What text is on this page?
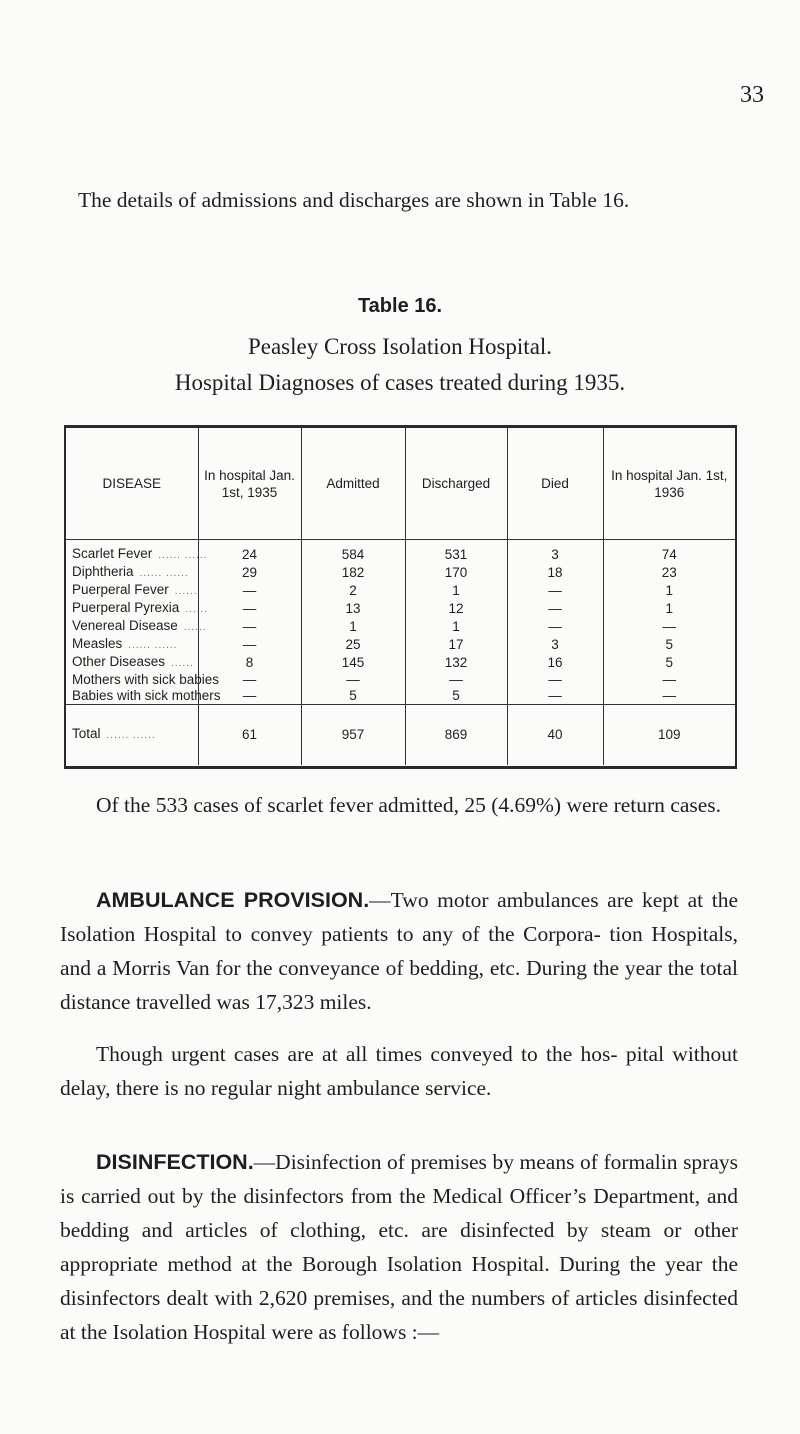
33

The details of admissions and discharges are shown in Table 16.

Table 16.
Peasley Cross Isolation Hospital.
Hospital Diagnoses of cases treated during 1935.
DISEASE	In hospital Jan. 1st, 1935	Admitted	Discharged	Died	In hospital Jan. 1st, 1936
Scarlet Fever ...... ......	24	584	531	3	74
Diphtheria ...... ......	29	182	170	18	23
Puerperal Fever ......	—	2	1	—	1
Puerperal Pyrexia ......	—	13	12	—	1
Venereal Disease ......	—	1	1	—	—
Measles ...... ......	—	25	17	3	5
Other Diseases ......	8	145	132	16	5
Mothers with sick babies	—	—	—	—	—
Babies with sick mothers	—	5	5	—	—
Total ...... ......	61	957	869	40	109

Of the 533 cases of scarlet fever admitted, 25 (4.69%) were return cases.

AMBULANCE PROVISION.—Two motor ambulances are kept at the Isolation Hospital to convey patients to any of the Corpora- tion Hospitals, and a Morris Van for the conveyance of bedding, etc. During the year the total distance travelled was 17,323 miles.

Though urgent cases are at all times conveyed to the hos- pital without delay, there is no regular night ambulance service.

DISINFECTION.—Disinfection of premises by means of formalin sprays is carried out by the disinfectors from the Medical Officer’s Department, and bedding and articles of clothing, etc. are disinfected by steam or other appropriate method at the Borough Isolation Hospital. During the year the disinfectors dealt with 2,620 premises, and the numbers of articles disinfected at the Isolation Hospital were as follows :—
